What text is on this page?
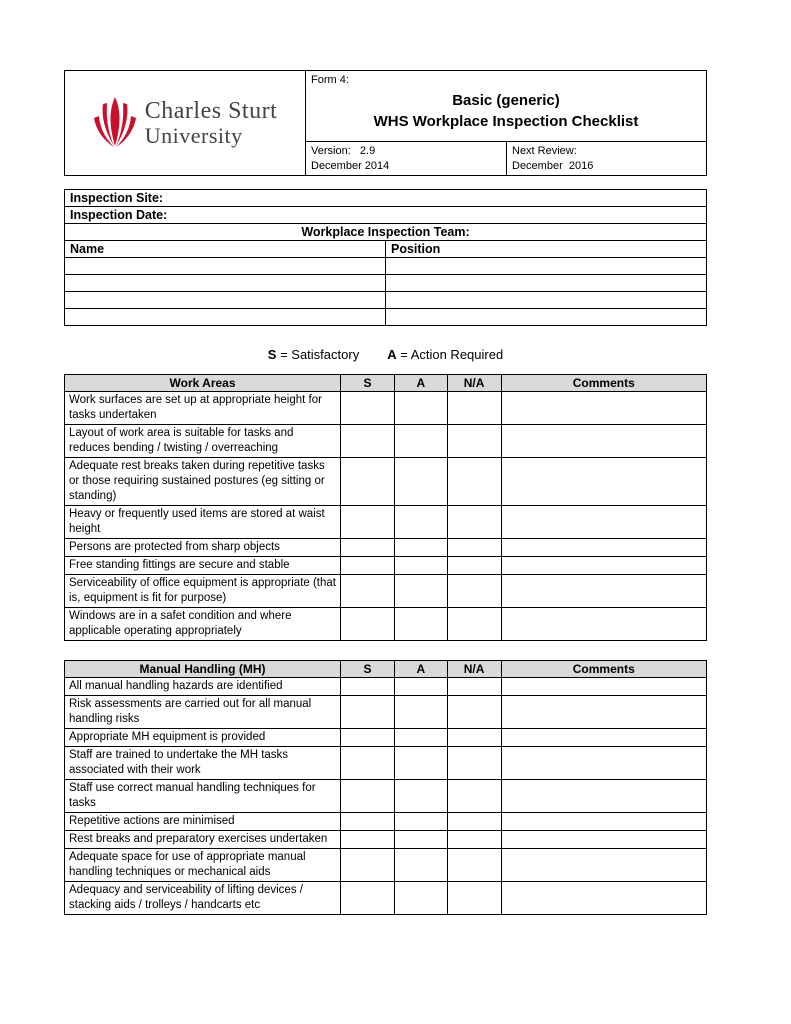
Charles Sturt
University
Form 4:
Basic (generic)
WHS Workplace Inspection Checklist
Version:   2.9
December 2014
Next Review:
December  2016
Inspection Site:	
Inspection Date:	
Workplace Inspection Team:	
Name	Position

S = Satisfactory A = Action Required
Work Areas	S	A	N/A	Comments
Work surfaces are set up at appropriate height for tasks undertaken				
Layout of work area is suitable for tasks and reduces bending / twisting / overreaching				
Adequate rest breaks taken during repetitive tasks or those requiring sustained postures (eg sitting or standing)				
Heavy or frequently used items are stored at waist height				
Persons are protected from sharp objects				
Free standing fittings are secure and stable				
Serviceability of office equipment is appropriate (that is, equipment is fit for purpose)				
Windows are in a safet condition and where applicable operating appropriately				
Manual Handling (MH)	S	A	N/A	Comments
All manual handling hazards are identified				
Risk assessments are carried out for all manual handling risks				
Appropriate MH equipment is provided				
Staff are trained to undertake the MH tasks associated with their work				
Staff use correct manual handling techniques for tasks				
Repetitive actions are minimised				
Rest breaks and preparatory exercises undertaken				
Adequate space for use of appropriate manual handling techniques or mechanical aids				
Adequacy and serviceability of lifting devices / stacking aids / trolleys / handcarts etc				
